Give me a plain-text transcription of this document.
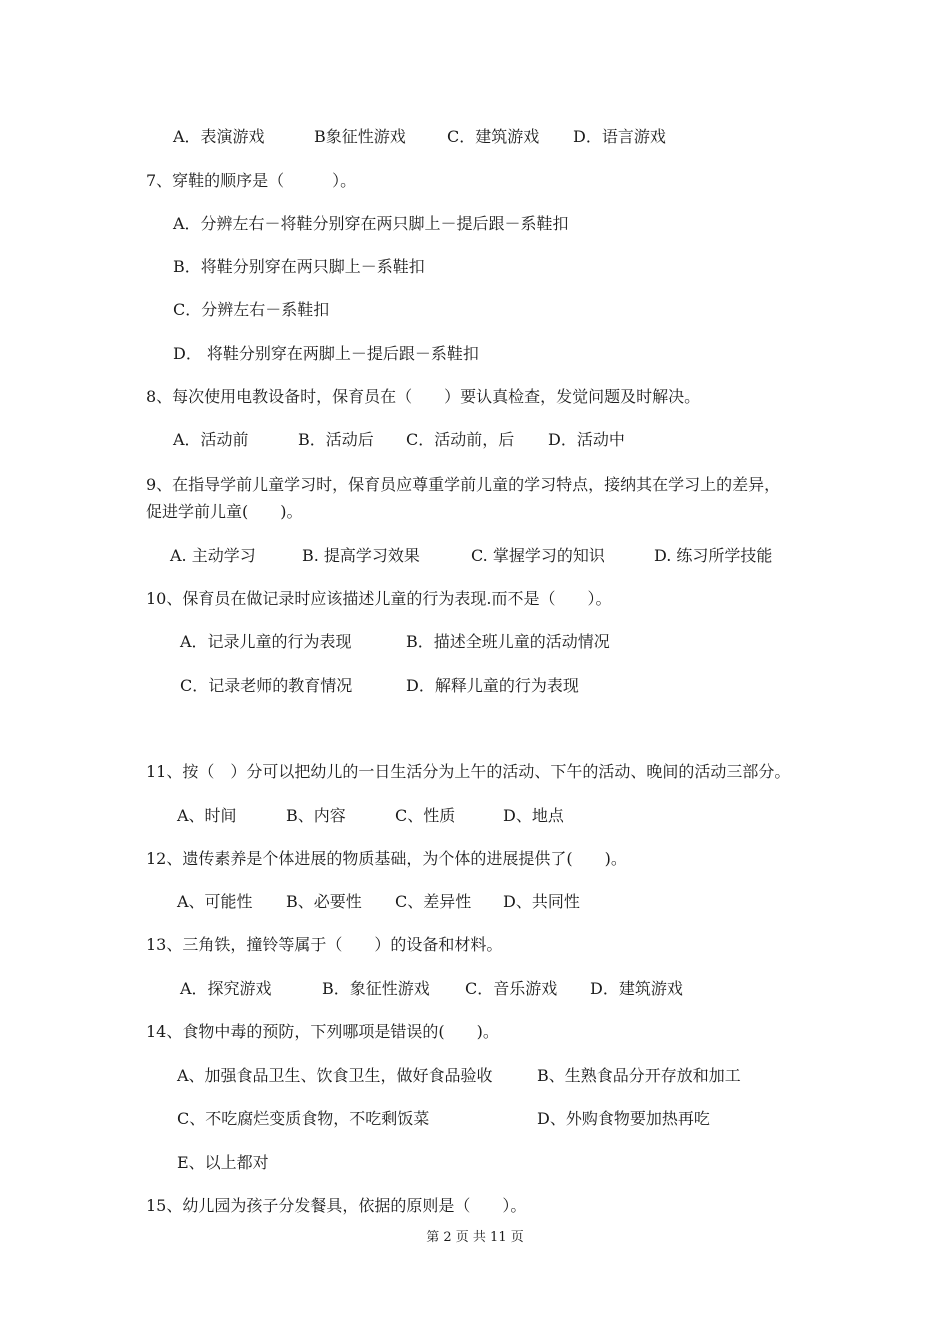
A．表演游戏	B象征性游戏	C．建筑游戏 D．语言游戏
7、穿鞋的顺序是（　　　）。
A．分辨左右－将鞋分别穿在两只脚上－提后跟－系鞋扣
B．将鞋分别穿在两只脚上－系鞋扣
C．分辨左右－系鞋扣
D． 将鞋分别穿在两脚上－提后跟－系鞋扣
8、每次使用电教设备时，保育员在（　　）要认真检查，发觉问题及时解决。
A．活动前	B．活动后 C．活动前，后 D．活动中
9、在指导学前儿童学习时，保育员应尊重学前儿童的学习特点，接纳其在学习上的差异，
促进学前儿童(　　)。
A. 主动学习	B. 提高学习效果	C. 掌握学习的知识	D. 练习所学技能
10、保育员在做记录时应该描述儿童的行为表现.而不是（　　）。
A．记录儿童的行为表现	B．描述全班儿童的活动情况
C．记录老师的教育情况	D．解释儿童的行为表现
11、按（　）分可以把幼儿的一日生活分为上午的活动、下午的活动、晚间的活动三部分。
A、时间	B、内容	C、性质	D、地点
12、遗传素养是个体进展的物质基础，为个体的进展提供了(　　)。
A、可能性 B、必要性 C、差异性 D、共同性
13、三角铁，撞铃等属于（　　）的设备和材料。
A．探究游戏	B．象征性游戏 C．音乐游戏 D．建筑游戏
14、食物中毒的预防，下列哪项是错误的(　　)。
A、加强食品卫生、饮食卫生，做好食品验收	B、生熟食品分开存放和加工
C、不吃腐烂变质食物，不吃剩饭菜	D、外购食物要加热再吃
E、以上都对
15、幼儿园为孩子分发餐具，依据的原则是（　　）。
第 2 页 共 11 页
